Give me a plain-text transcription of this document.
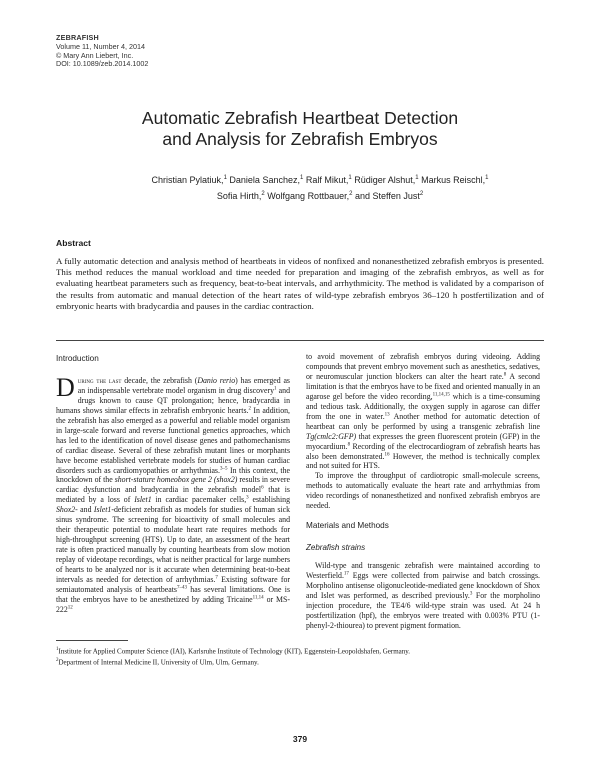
ZEBRAFISH
Volume 11, Number 4, 2014
© Mary Ann Liebert, Inc.
DOI: 10.1089/zeb.2014.1002
Automatic Zebrafish Heartbeat Detection
and Analysis for Zebrafish Embryos
Christian Pylatiuk,$^1$ Daniela Sanchez,$^1$ Ralf Mikut,$^1$ Rüdiger Alshut,$^1$ Markus Reischl,$^1$
Sofia Hirth,$^2$ Wolfgang Rottbauer,$^2$ and Steffen Just$^2$
Abstract
A fully automatic detection and analysis method of heartbeats in videos of nonfixed and nonanesthetized zebrafish embryos is presented. This method reduces the manual workload and time needed for preparation and imaging of the zebrafish embryos, as well as for evaluating heartbeat parameters such as frequency, beat-to-beat intervals, and arrhythmicity. The method is validated by a comparison of the results from automatic and manual detection of the heart rates of wild-type zebrafish embryos 36–120 h postfertilization and of embryonic hearts with bradycardia and pauses in the cardiac contraction.
Introduction

During the last decade, the zebrafish (Danio rerio) has emerged as an indispensable vertebrate model organism in drug discovery$^1$ and drugs known to cause QT prolongation; hence, bradycardia in humans shows similar effects in zebrafish embryonic hearts.$^2$ In addition, the zebrafish has also emerged as a powerful and reliable model organism in large-scale forward and reverse functional genetics approaches, which has led to the identification of novel disease genes and pathomechanisms of cardiac disease. Several of these zebrafish mutant lines or morphants have become established vertebrate models for studies of human cardiac disorders such as cardiomyopathies or arrhythmias.$^{3-5}$ In this context, the knockdown of the short-stature homeobox gene 2 (shox2) results in severe cardiac dysfunction and bradycardia in the zebrafish model$^6$ that is mediated by a loss of Islet1 in cardiac pacemaker cells,$^3$ establishing Shox2- and Islet1-deficient zebrafish as models for studies of human sick sinus syndrome. The screening for bioactivity of small molecules and their therapeutic potential to modulate heart rate requires methods for high-throughput screening (HTS). Up to date, an assessment of the heart rate is often practiced manually by counting heartbeats from slow motion replay of videotape recordings, what is neither practical for large numbers of hearts to be analyzed nor is it accurate when determining beat-to-beat intervals as needed for detection of arrhythmias.$^7$ Existing software for semiautomated analysis of heartbeats$^{7-43}$ has several limitations. One is that the embryos have to be anesthetized by adding Tricaine$^{11,14}$ or $MS-222^{12}$

to avoid movement of zebrafish embryos during videoing. Adding compounds that prevent embryo movement such as anesthetics, sedatives, or neuromuscular junction blockers can alter the heart rate.$^8$ A second limitation is that the embryos have to be fixed and oriented manually in an agarose gel before the video recording,$^{11,14,15}$ which is a time-consuming and tedious task. Additionally, the oxygen supply in agarose can differ from the one in water.$^{13}$ Another method for automatic detection of heartbeat can only be performed by using a transgenic zebrafish line Tg(cmlc2:GFP) that expresses the green fluorescent protein (GFP) in the myocardium.$^8$ Recording of the electrocardiogram of zebrafish hearts has also been demonstrated.$^{16}$ However, the method is technically complex and not suited for HTS.

To improve the throughput of cardiotropic small-molecule screens, methods to automatically evaluate the heart rate and arrhythmias from video recordings of nonanesthetized and nonfixed zebrafish embryos are needed.

Materials and Methods
Zebrafish strains

Wild-type and transgenic zebrafish were maintained according to Westerfield.$^{17}$ Eggs were collected from pairwise and batch crossings. Morpholino antisense oligonucleotide-mediated gene knockdown of Shox and Islet was performed, as described previously.$^3$ For the morpholino injection procedure, the TE4/6 wild-type strain was used. At 24 h postfertilization (hpf), the embryos were treated with 0.003% PTU (1-phenyl-2-thiourea) to prevent pigment formation.

$^1$Institute for Applied Computer Science (IAI), Karlsruhe Institute of Technology (KIT), Eggenstein-Leopoldshafen, Germany.
$^2$Department of Internal Medicine II, University of Ulm, Ulm, Germany.
379
